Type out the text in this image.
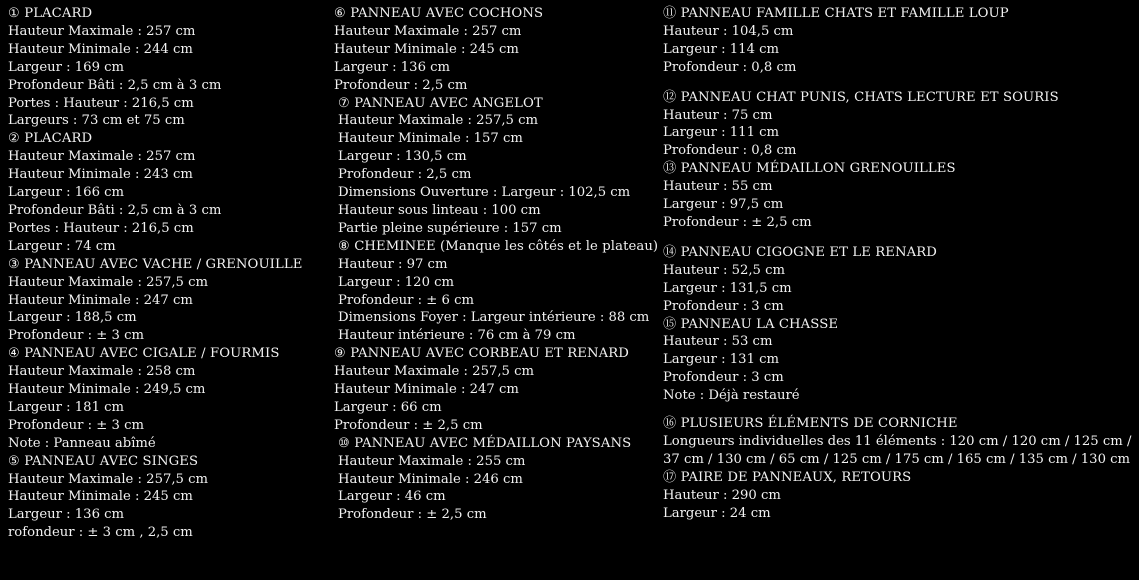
① PLACARD
Hauteur Maximale : 257 cm
Hauteur Minimale : 244 cm
Largeur : 169 cm
Profondeur Bâti : 2,5 cm à 3 cm
Portes : Hauteur : 216,5 cm
Largeurs : 73 cm et 75 cm
② PLACARD
Hauteur Maximale : 257 cm
Hauteur Minimale : 243 cm
Largeur : 166 cm
Profondeur Bâti : 2,5 cm à 3 cm
Portes : Hauteur : 216,5 cm
Largeur : 74 cm
③ PANNEAU AVEC VACHE / GRENOUILLE
Hauteur Maximale : 257,5 cm
Hauteur Minimale : 247 cm
Largeur : 188,5 cm
Profondeur : ± 3 cm
④ PANNEAU AVEC CIGALE / FOURMIS
Hauteur Maximale : 258 cm
Hauteur Minimale : 249,5 cm
Largeur : 181 cm
Profondeur : ± 3 cm
Note : Panneau abîmé
⑤ PANNEAU AVEC SINGES
Hauteur Maximale : 257,5 cm
Hauteur Minimale : 245 cm
Largeur : 136 cm
rofondeur : ± 3 cm , 2,5 cm
⑥ PANNEAU AVEC COCHONS
Hauteur Maximale : 257 cm
Hauteur Minimale : 245 cm
Largeur : 136 cm
Profondeur : 2,5 cm
⑦ PANNEAU AVEC ANGELOT
Hauteur Maximale : 257,5 cm
Hauteur Minimale : 157 cm
Largeur : 130,5 cm
Profondeur : 2,5 cm
Dimensions Ouverture : Largeur : 102,5 cm
Hauteur sous linteau : 100 cm
Partie pleine supérieure : 157 cm
⑧ CHEMINEE (Manque les côtés et le plateau)
Hauteur : 97 cm
Largeur : 120 cm
Profondeur : ± 6 cm
Dimensions Foyer : Largeur intérieure : 88 cm
Hauteur intérieure : 76 cm à 79 cm
⑨ PANNEAU AVEC CORBEAU ET RENARD
Hauteur Maximale : 257,5 cm
Hauteur Minimale : 247 cm
Largeur : 66 cm
Profondeur : ± 2,5 cm
⑩ PANNEAU AVEC MÉDAILLON PAYSANS
Hauteur Maximale : 255 cm
Hauteur Minimale : 246 cm
Largeur : 46 cm
Profondeur : ± 2,5 cm
⑪ PANNEAU FAMILLE CHATS ET FAMILLE LOUP
Hauteur : 104,5 cm
Largeur : 114 cm
Profondeur : 0,8 cm
⑫ PANNEAU CHAT PUNIS, CHATS LECTURE ET SOURIS
Hauteur : 75 cm
Largeur : 111 cm
Profondeur : 0,8 cm
⑬ PANNEAU MÉDAILLON GRENOUILLES
Hauteur : 55 cm
Largeur : 97,5 cm
Profondeur : ± 2,5 cm
⑭ PANNEAU CIGOGNE ET LE RENARD
Hauteur : 52,5 cm
Largeur : 131,5 cm
Profondeur : 3 cm
⑮ PANNEAU LA CHASSE
Hauteur : 53 cm
Largeur : 131 cm
Profondeur : 3 cm
Note : Déjà restauré
⑯ PLUSIEURS ÉLÉMENTS DE CORNICHE
Longueurs individuelles des 11 éléments : 120 cm / 120 cm / 125 cm /
37 cm / 130 cm / 65 cm / 125 cm / 175 cm / 165 cm / 135 cm / 130 cm
⑰ PAIRE DE PANNEAUX, RETOURS
Hauteur : 290 cm
Largeur : 24 cm
